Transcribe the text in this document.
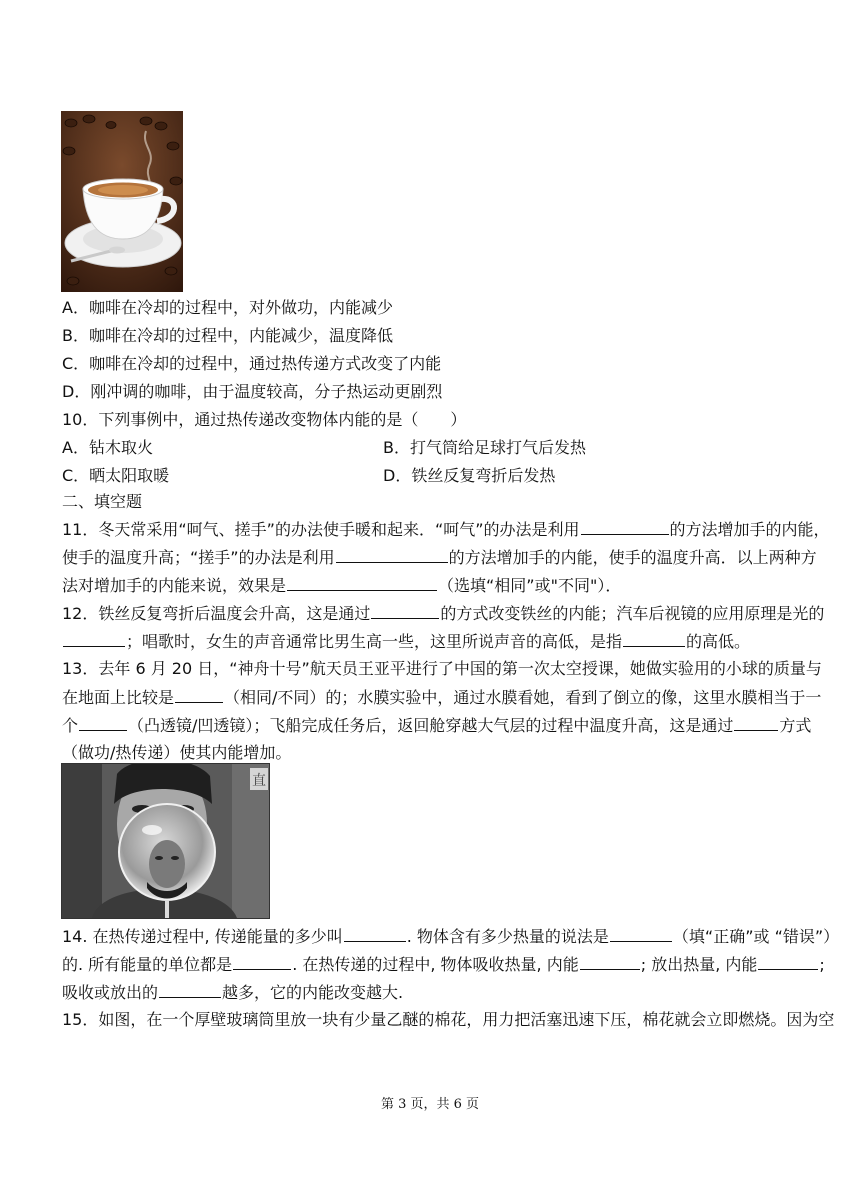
A．咖啡在冷却的过程中，对外做功，内能减少
B．咖啡在冷却的过程中，内能减少，温度降低
C．咖啡在冷却的过程中，通过热传递方式改变了内能
D．刚冲调的咖啡，由于温度较高，分子热运动更剧烈
10．下列事例中，通过热传递改变物体内能的是（　　）
A．钻木取火	B．打气筒给足球打气后发热
C．晒太阳取暖	D．铁丝反复弯折后发热
二、填空题
11．冬天常采用“呵气、搓手”的办法使手暖和起来．“呵气”的办法是利用	的方法增加手的内能，
使手的温度升高；“搓手”的办法是利用	的方法增加手的内能，使手的温度升高．以上两种方
法对增加手的内能来说，效果是	（选填“相同”或"不同"）．
12．铁丝反复弯折后温度会升高，这是通过	的方式改变铁丝的内能；汽车后视镜的应用原理是光的
；唱歌时，女生的声音通常比男生高一些，这里所说声音的高低，是指	的高低。
13．去年 6 月 20 日，“神舟十号”航天员王亚平进行了中国的第一次太空授课，她做实验用的小球的质量与
在地面上比较是	（相同/不同）的；水膜实验中，通过水膜看她，看到了倒立的像，这里水膜相当于一
个	（凸透镜/凹透镜）；飞船完成任务后，返回舱穿越大气层的过程中温度升高，这是通过	方式
（做功/热传递）使其内能增加。
直
14. 在热传递过程中, 传递能量的多少叫	. 物体含有多少热量的说法是	（填“正确”或 “错误”）
的. 所有能量的单位都是	. 在热传递的过程中, 物体吸收热量, 内能	; 放出热量, 内能	;
吸收或放出的	越多，它的内能改变越大.
15．如图，在一个厚壁玻璃筒里放一块有少量乙醚的棉花，用力把活塞迅速下压，棉花就会立即燃烧。因为空
第 3 页，共 6 页
